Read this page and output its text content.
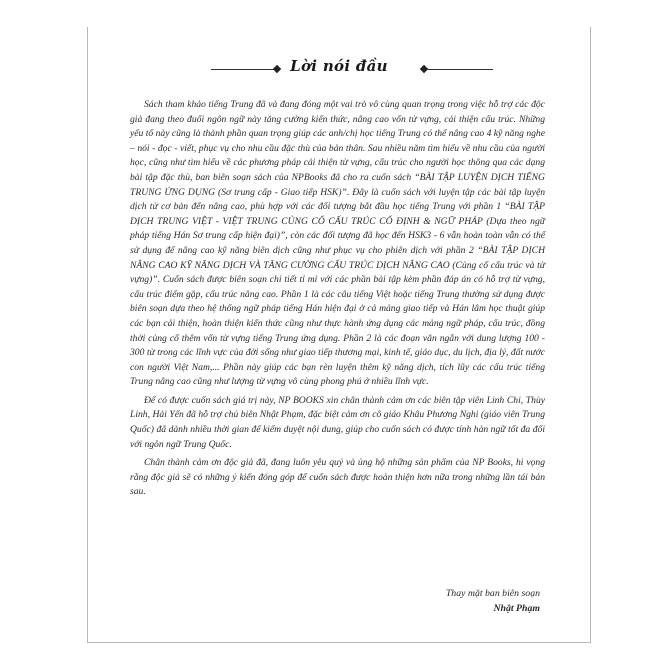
Lời nói đầu

Sách tham khảo tiếng Trung đã và đang đóng một vai trò vô cùng quan trọng trong việc hỗ trợ các độc giả đang theo đuổi ngôn ngữ này tăng cường kiến thức, nâng cao vốn từ vựng, cải thiện cấu trúc. Những yếu tố này cũng là thành phần quan trọng giúp các anh/chị học tiếng Trung có thể nâng cao 4 kỹ năng nghe – nói - đọc - viết, phục vụ cho nhu cầu đặc thù của bản thân. Sau nhiều năm tìm hiểu về nhu cầu của người học, cũng như tìm hiểu về các phương pháp cải thiện từ vựng, cấu trúc cho người học thông qua các dạng bài tập đặc thù, ban biên soạn sách của NPBooks đã cho ra cuốn sách “BÀI TẬP LUYỆN DỊCH TIẾNG TRUNG ỨNG DỤNG (Sơ trung cấp - Giao tiếp HSK)”. Đây là cuốn sách với luyện tập các bài tập luyện dịch từ cơ bản đến nâng cao, phù hợp với các đối tượng bắt đầu học tiếng Trung với phần 1 “BÀI TẬP DỊCH TRUNG VIỆT - VIỆT TRUNG CỦNG CỐ CẤU TRÚC CỐ ĐỊNH & NGỮ PHÁP (Dựa theo ngữ pháp tiếng Hán Sơ trung cấp hiện đại)”, còn các đối tượng đã học đến HSK3 - 6 vẫn hoàn toàn vẫn có thể sử dụng để nâng cao kỹ năng biên dịch cũng như phục vụ cho phiên dịch với phần 2 “BÀI TẬP DỊCH NÂNG CAO KỸ NĂNG DỊCH VÀ TĂNG CƯỜNG CẤU TRÚC DỊCH NÂNG CAO (Củng cố cấu trúc và từ vựng)”. Cuốn sách được biên soạn chi tiết tỉ mỉ với các phần bài tập kèm phần đáp án có hỗ trợ từ vựng, cấu trúc điểm gặp, cấu trúc nâng cao. Phần 1 là các câu tiếng Việt hoặc tiếng Trung thường sử dụng được biên soạn dựa theo hệ thống ngữ pháp tiếng Hán hiện đại ở cả mảng giao tiếp và Hán lâm học thuật giúp các bạn cải thiện, hoàn thiện kiến thức cũng như thực hành ứng dụng các mảng ngữ pháp, cấu trúc, đồng thời củng cố thêm vốn từ vựng tiếng Trung ứng dụng. Phần 2 là các đoạn văn ngắn với dung lượng 100 - 300 từ trong các lĩnh vực của đời sống như giao tiếp thương mại, kinh tế, giáo dục, du lịch, địa lý, đất nước con người Việt Nam,... Phần này giúp các bạn rèn luyện thêm kỹ năng dịch, tích lũy các cấu trúc tiếng Trung nâng cao cũng như lượng từ vựng vô cùng phong phú ở nhiều lĩnh vực.

Để có được cuốn sách giá trị này, NP BOOKS xin chân thành cảm ơn các biên tập viên Linh Chi, Thùy Linh, Hải Yến đã hỗ trợ chủ biên Nhật Phạm, đặc biệt cảm ơn cô giáo Khâu Phương Nghi (giáo viên Trung Quốc) đã dành nhiều thời gian để kiểm duyệt nội dung, giúp cho cuốn sách có được tính hàn ngữ tốt đa đối với ngôn ngữ Trung Quốc.

Chân thành cảm ơn độc giả đã, đang luôn yêu quý và ủng hộ những sản phẩm của NP Books, hi vọng rằng độc giả sẽ có những ý kiến đóng góp để cuốn sách được hoàn thiện hơn nữa trong những lần tái bản sau.

Thay mặt ban biên soạn
Nhật Phạm
